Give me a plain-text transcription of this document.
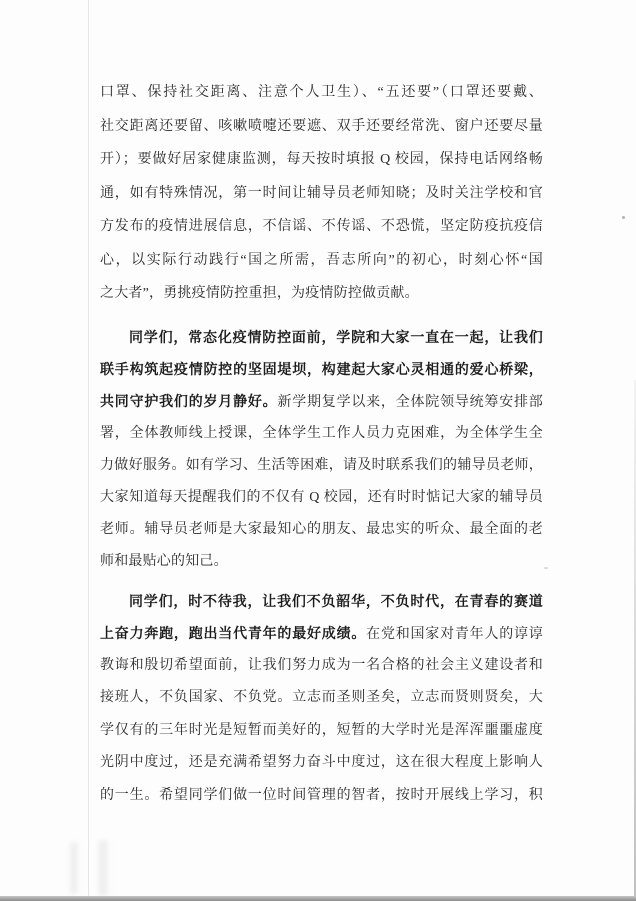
口罩、保持社交距离、注意个人卫生）、“五还要”（口罩还要戴、
社交距离还要留、咳嗽喷嚏还要遮、双手还要经常洗、窗户还要尽量
开）；要做好居家健康监测，每天按时填报 Q 校园，保持电话网络畅
通，如有特殊情况，第一时间让辅导员老师知晓；及时关注学校和官
方发布的疫情进展信息，不信谣、不传谣、不恐慌，坚定防疫抗疫信
心，以实际行动践行“国之所需，吾志所向”的初心，时刻心怀“国
之大者”，勇挑疫情防控重担，为疫情防控做贡献。
同学们，常态化疫情防控面前，学院和大家一直在一起，让我们
联手构筑起疫情防控的坚固堤坝，构建起大家心灵相通的爱心桥梁，
共同守护我们的岁月静好。新学期复学以来，全体院领导统筹安排部
署，全体教师线上授课，全体学生工作人员力克困难，为全体学生全
力做好服务。如有学习、生活等困难，请及时联系我们的辅导员老师，
大家知道每天提醒我们的不仅有 Q 校园，还有时时惦记大家的辅导员
老师。辅导员老师是大家最知心的朋友、最忠实的听众、最全面的老
师和最贴心的知己。
同学们，时不待我，让我们不负韶华，不负时代，在青春的赛道
上奋力奔跑，跑出当代青年的最好成绩。在党和国家对青年人的谆谆
教诲和殷切希望面前，让我们努力成为一名合格的社会主义建设者和
接班人，不负国家、不负党。立志而圣则圣矣，立志而贤则贤矣，大
学仅有的三年时光是短暂而美好的，短暂的大学时光是浑浑噩噩虚度
光阴中度过，还是充满希望努力奋斗中度过，这在很大程度上影响人
的一生。希望同学们做一位时间管理的智者，按时开展线上学习，积
